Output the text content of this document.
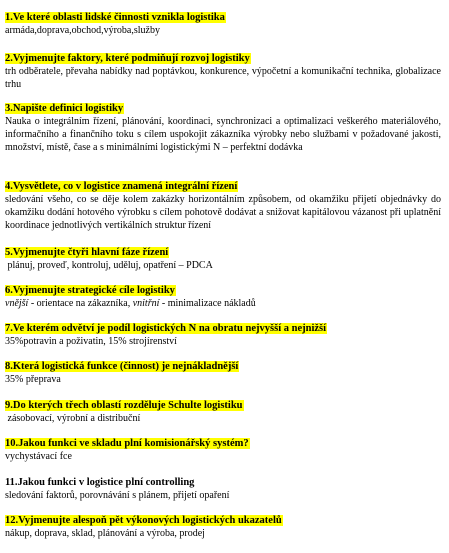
1.Ve které oblasti lidské činnosti vznikla logistika
armáda,doprava,obchod,výroba,služby
2.Vyjmenujte faktory, které podmiňují rozvoj logistiky
trh odběratele, převaha nabídky nad poptávkou, konkurence, výpočetní a komunikační technika, globalizace trhu
3.Napište definici logistiky
Nauka o integrálním řízení, plánování, koordinaci, synchronizaci a optimalizaci veškerého materiálového, informačního a finančního toku s cílem uspokojit zákazníka výrobky nebo službami v požadované jakosti, množství, místě, čase a s minimálními logistickými N – perfektní dodávka
4.Vysvětlete, co v logistice znamená integrální řízení
sledování všeho, co se děje kolem zakázky horizontálním způsobem, od okamžiku přijetí objednávky do okamžiku dodání hotového výrobku s cílem pohotově dodávat a snižovat kapitálovou vázanost při uplatnění koordinace jednotlivých vertikálních struktur řízení
5.Vyjmenujte čtyři hlavní fáze řízení
plánuj, proveď, kontroluj, uděluj, opatření – PDCA
6.Vyjmenujte strategické cíle logistiky
vnější - orientace na zákazníka, vnitřní - minimalizace nákladů
7.Ve kterém odvětví je podíl logistických N na obratu nejvyšší a nejnižší
35%potravin a poživatin, 15% strojírenství
8.Která logistická funkce (činnost) je nejnákladnější
35% přeprava
9.Do kterých třech oblastí rozděluje Schulte logistiku
zásobovací, výrobní a distribuční
10.Jakou funkci ve skladu plní komisionářský systém?
vychystávací fce
11.Jakou funkci v logistice plní controlling
sledování faktorů, porovnávání s plánem, přijetí opaření
12.Vyjmenujte alespoň pět výkonových logistických ukazatelů
nákup, doprava, sklad, plánování a výroba, prodej
